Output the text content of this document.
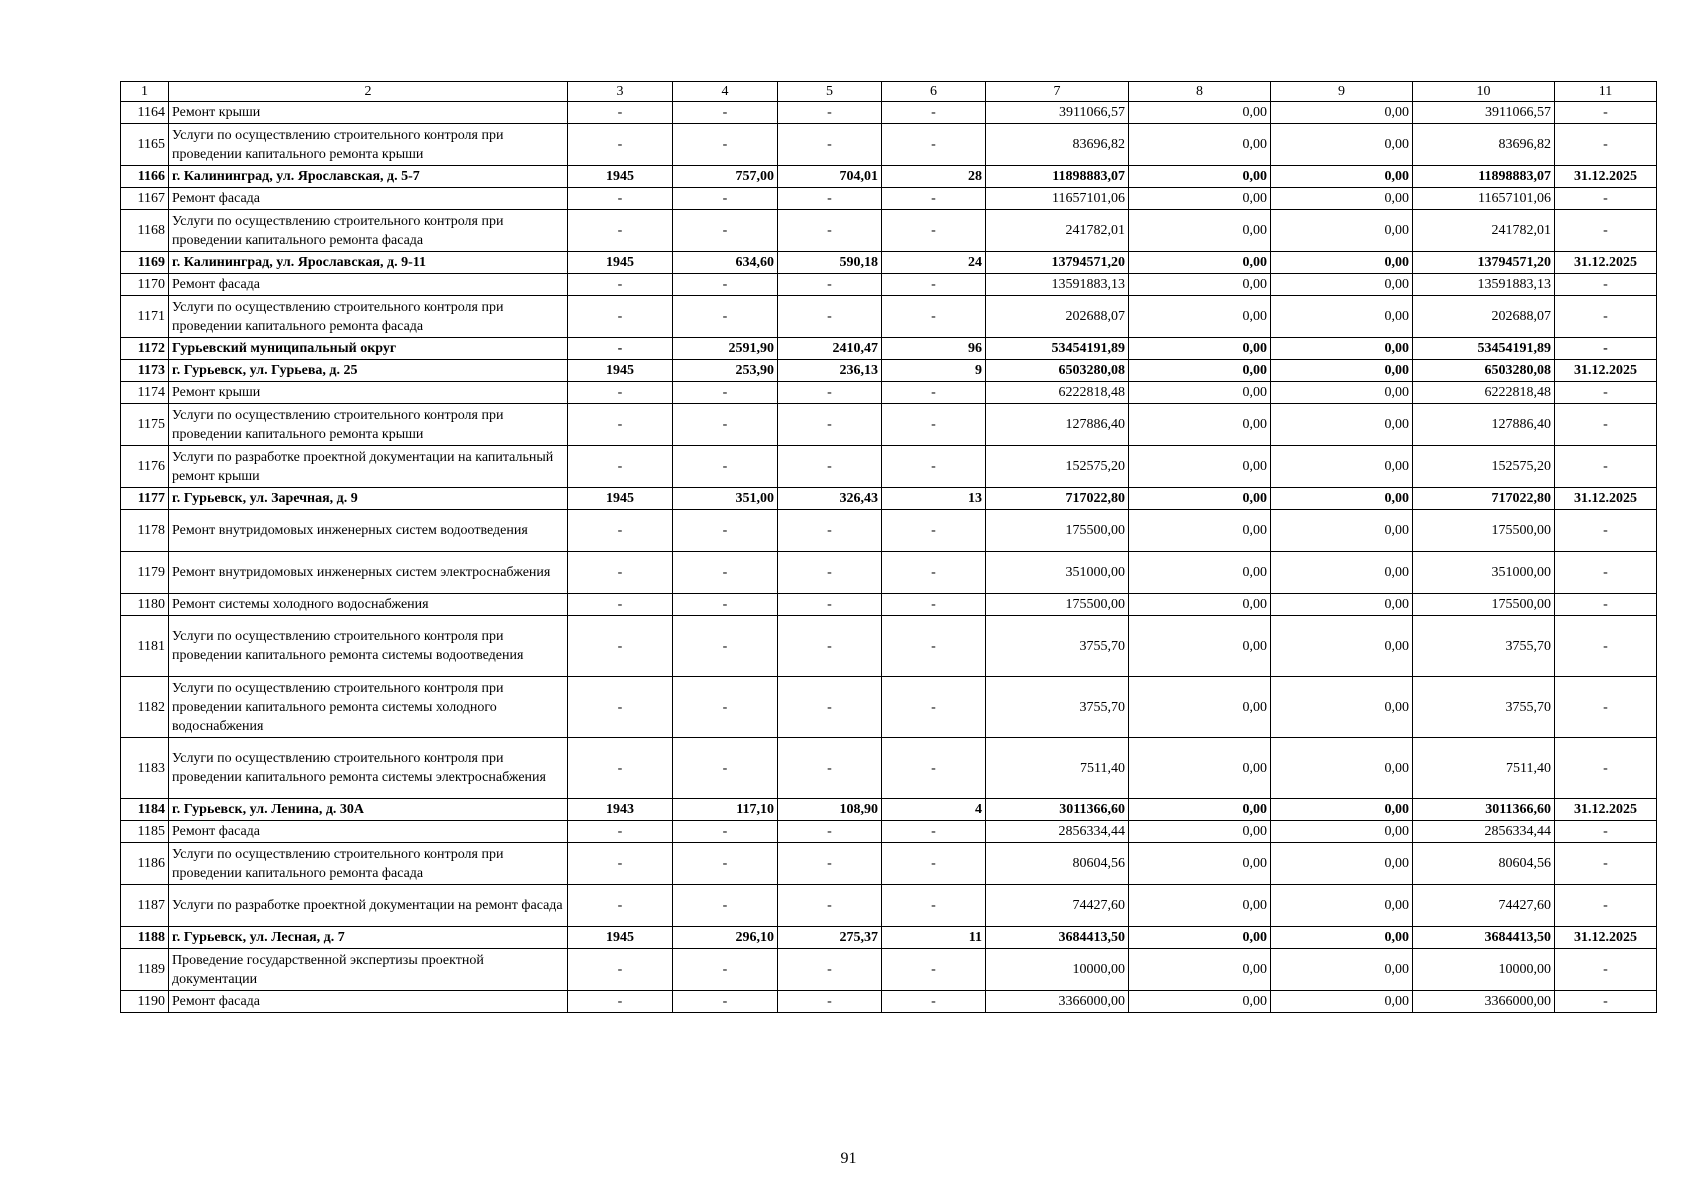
1	2	3	4	5	6	7	8	9	10	11
1164	Ремонт крыши	-	-	-	-	3911066,57	0,00	0,00	3911066,57	-
1165	Услуги по осуществлению строительного контроля при проведении капитального ремонта крыши	-	-	-	-	83696,82	0,00	0,00	83696,82	-
1166	г. Калининград, ул. Ярославская, д. 5-7	1945	757,00	704,01	28	11898883,07	0,00	0,00	11898883,07	31.12.2025
1167	Ремонт фасада	-	-	-	-	11657101,06	0,00	0,00	11657101,06	-
1168	Услуги по осуществлению строительного контроля при проведении капитального ремонта фасада	-	-	-	-	241782,01	0,00	0,00	241782,01	-
1169	г. Калининград, ул. Ярославская, д. 9-11	1945	634,60	590,18	24	13794571,20	0,00	0,00	13794571,20	31.12.2025
1170	Ремонт фасада	-	-	-	-	13591883,13	0,00	0,00	13591883,13	-
1171	Услуги по осуществлению строительного контроля при проведении капитального ремонта фасада	-	-	-	-	202688,07	0,00	0,00	202688,07	-
1172	Гурьевский муниципальный округ	-	2591,90	2410,47	96	53454191,89	0,00	0,00	53454191,89	-
1173	г. Гурьевск, ул. Гурьева, д. 25	1945	253,90	236,13	9	6503280,08	0,00	0,00	6503280,08	31.12.2025
1174	Ремонт крыши	-	-	-	-	6222818,48	0,00	0,00	6222818,48	-
1175	Услуги по осуществлению строительного контроля при проведении капитального ремонта крыши	-	-	-	-	127886,40	0,00	0,00	127886,40	-
1176	Услуги по разработке проектной документации на капитальный ремонт крыши	-	-	-	-	152575,20	0,00	0,00	152575,20	-
1177	г. Гурьевск, ул. Заречная, д. 9	1945	351,00	326,43	13	717022,80	0,00	0,00	717022,80	31.12.2025
1178	Ремонт внутридомовых инженерных систем водоотведения	-	-	-	-	175500,00	0,00	0,00	175500,00	-
1179	Ремонт внутридомовых инженерных систем электроснабжения	-	-	-	-	351000,00	0,00	0,00	351000,00	-
1180	Ремонт системы холодного водоснабжения	-	-	-	-	175500,00	0,00	0,00	175500,00	-
1181	Услуги по осуществлению строительного контроля при проведении капитального ремонта системы водоотведения	-	-	-	-	3755,70	0,00	0,00	3755,70	-
1182	Услуги по осуществлению строительного контроля при проведении капитального ремонта системы холодного водоснабжения	-	-	-	-	3755,70	0,00	0,00	3755,70	-
1183	Услуги по осуществлению строительного контроля при проведении капитального ремонта системы электроснабжения	-	-	-	-	7511,40	0,00	0,00	7511,40	-
1184	г. Гурьевск, ул. Ленина, д. 30А	1943	117,10	108,90	4	3011366,60	0,00	0,00	3011366,60	31.12.2025
1185	Ремонт фасада	-	-	-	-	2856334,44	0,00	0,00	2856334,44	-
1186	Услуги по осуществлению строительного контроля при проведении капитального ремонта фасада	-	-	-	-	80604,56	0,00	0,00	80604,56	-
1187	Услуги по разработке проектной документации на ремонт фасада	-	-	-	-	74427,60	0,00	0,00	74427,60	-
1188	г. Гурьевск, ул. Лесная, д. 7	1945	296,10	275,37	11	3684413,50	0,00	0,00	3684413,50	31.12.2025
1189	Проведение государственной экспертизы проектной документации	-	-	-	-	10000,00	0,00	0,00	10000,00	-
1190	Ремонт фасада	-	-	-	-	3366000,00	0,00	0,00	3366000,00	-
91
